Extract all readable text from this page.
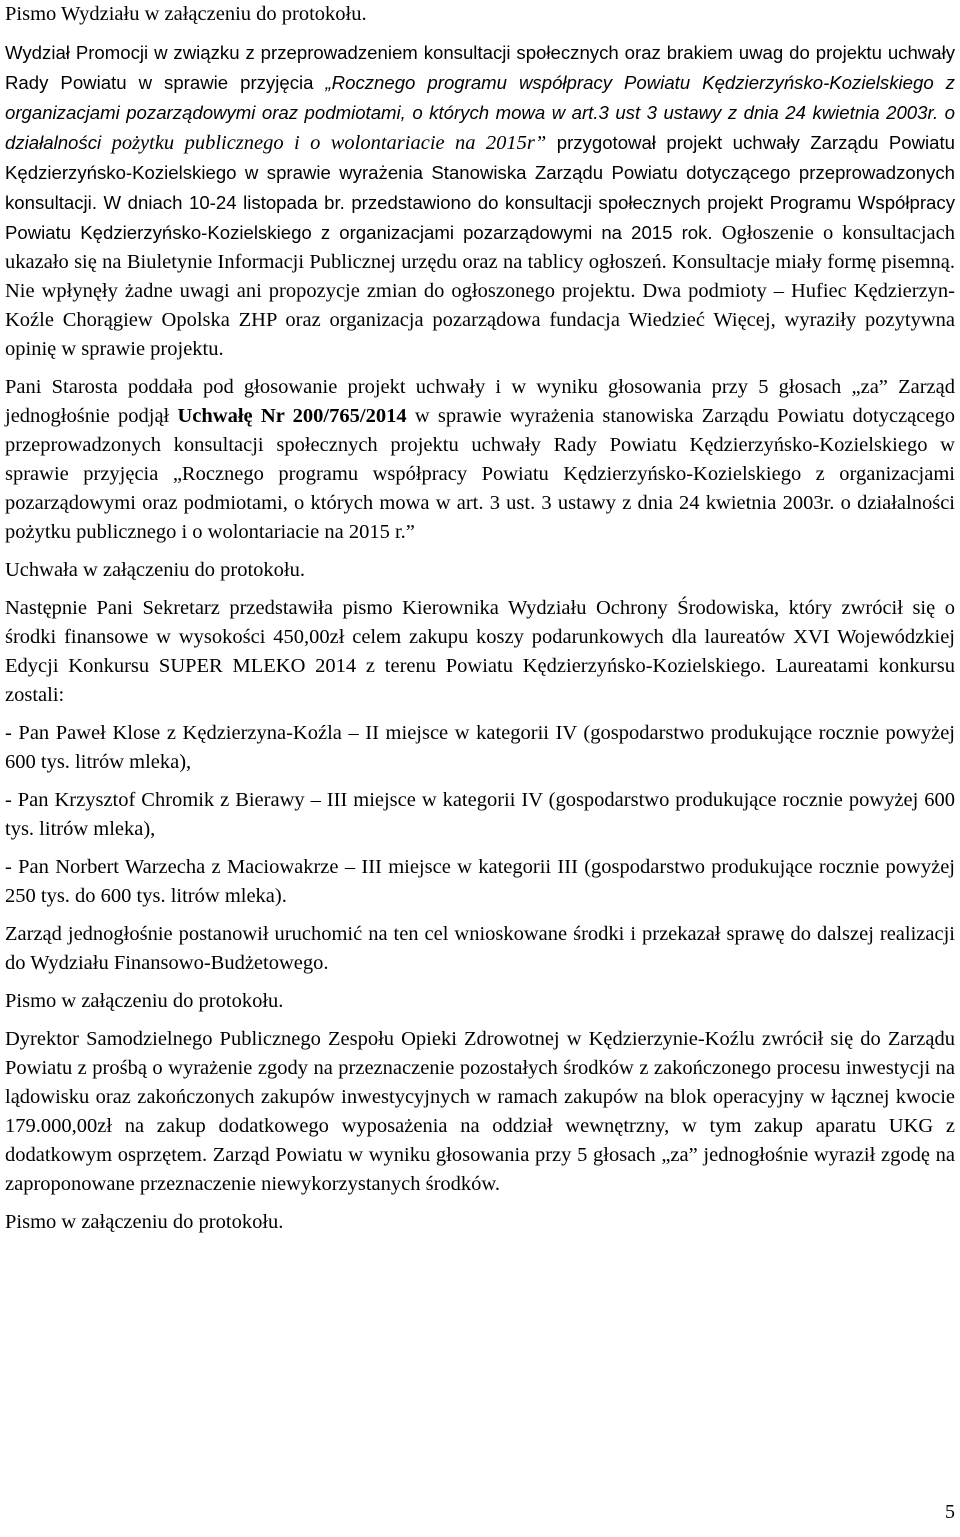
Pismo Wydziału w załączeniu do protokołu.

Wydział Promocji w związku z przeprowadzeniem konsultacji społecznych oraz brakiem uwag do projektu uchwały Rady Powiatu w sprawie przyjęcia „Rocznego programu współpracy Powiatu Kędzierzyńsko-Kozielskiego z organizacjami pozarządowymi oraz podmiotami, o których mowa w art.3 ust 3 ustawy z dnia 24 kwietnia 2003r. o działalności pożytku publicznego i o wolontariacie na 2015r” przygotował projekt uchwały Zarządu Powiatu Kędzierzyńsko-Kozielskiego w sprawie wyrażenia Stanowiska Zarządu Powiatu dotyczącego przeprowadzonych konsultacji. W dniach 10-24 listopada br. przedstawiono do konsultacji społecznych projekt Programu Współpracy Powiatu Kędzierzyńsko-Kozielskiego z organizacjami pozarządowymi na 2015 rok. Ogłoszenie o konsultacjach ukazało się na Biuletynie Informacji Publicznej urzędu oraz na tablicy ogłoszeń. Konsultacje miały formę pisemną. Nie wpłynęły żadne uwagi ani propozycje zmian do ogłoszonego projektu. Dwa podmioty – Hufiec Kędzierzyn-Koźle Chorągiew Opolska ZHP oraz organizacja pozarządowa fundacja Wiedzieć Więcej, wyraziły pozytywna opinię w sprawie projektu.

Pani Starosta poddała pod głosowanie projekt uchwały i w wyniku głosowania przy 5 głosach „za” Zarząd jednogłośnie podjął Uchwałę Nr 200/765/2014 w sprawie wyrażenia stanowiska Zarządu Powiatu dotyczącego przeprowadzonych konsultacji społecznych projektu uchwały Rady Powiatu Kędzierzyńsko-Kozielskiego w sprawie przyjęcia „Rocznego programu współpracy Powiatu Kędzierzyńsko-Kozielskiego z organizacjami pozarządowymi oraz podmiotami, o których mowa w art. 3 ust. 3 ustawy z dnia 24 kwietnia 2003r. o działalności pożytku publicznego i o wolontariacie na 2015 r.”

Uchwała w załączeniu do protokołu.

Następnie Pani Sekretarz przedstawiła pismo Kierownika Wydziału Ochrony Środowiska, który zwrócił się o środki finansowe w wysokości 450,00zł celem zakupu koszy podarunkowych dla laureatów XVI Wojewódzkiej Edycji Konkursu SUPER MLEKO 2014 z terenu Powiatu Kędzierzyńsko-Kozielskiego. Laureatami konkursu zostali:

- Pan Paweł Klose z Kędzierzyna-Koźla – II miejsce w kategorii IV (gospodarstwo produkujące rocznie powyżej 600 tys. litrów mleka),

- Pan Krzysztof Chromik z Bierawy – III miejsce w kategorii IV (gospodarstwo produkujące rocznie powyżej 600 tys. litrów mleka),

- Pan Norbert Warzecha z Maciowakrze – III miejsce w kategorii III (gospodarstwo produkujące rocznie powyżej 250 tys. do 600 tys. litrów mleka).

Zarząd jednogłośnie postanowił uruchomić na ten cel wnioskowane środki i przekazał sprawę do dalszej realizacji do Wydziału Finansowo-Budżetowego.

Pismo w załączeniu do protokołu.

Dyrektor Samodzielnego Publicznego Zespołu Opieki Zdrowotnej w Kędzierzynie-Koźlu zwrócił się do Zarządu Powiatu z prośbą o wyrażenie zgody na przeznaczenie pozostałych środków z zakończonego procesu inwestycji na lądowisku oraz zakończonych zakupów inwestycyjnych w ramach zakupów na blok operacyjny w łącznej kwocie 179.000,00zł na zakup dodatkowego wyposażenia na oddział wewnętrzny, w tym zakup aparatu UKG z dodatkowym osprzętem. Zarząd Powiatu w wyniku głosowania przy 5 głosach „za” jednogłośnie wyraził zgodę na zaproponowane przeznaczenie niewykorzystanych środków.

Pismo w załączeniu do protokołu.

5
